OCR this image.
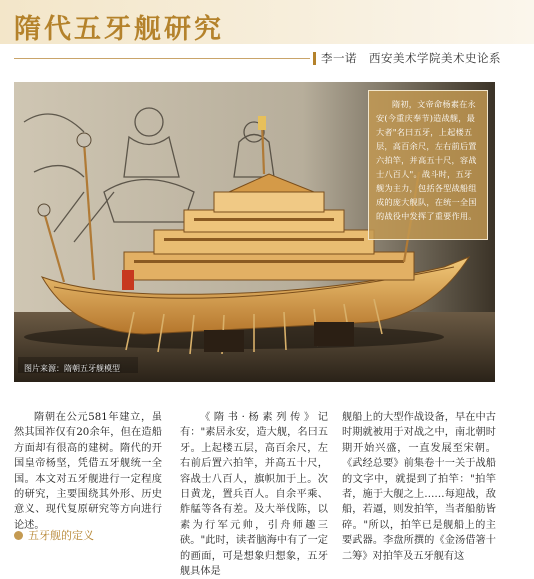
隋代五牙舰研究
李一诺 西安美术学院美术史论系
隋初，文帝命杨素在永安(今重庆奉节)造战舰，最大者"名曰五牙，上起楼五层，高百余尺，左右前后置六拍竿，并高五十尺，容战士八百人"。战斗时，五牙舰为主力，包括各型战船组成的庞大舰队，在统一全国的战役中发挥了重要作用。
图片来源：隋朝五牙舰模型

隋朝在公元581年建立，虽然其国祚仅有20余年，但在造船方面却有很高的建树。隋代的开国皇帝杨坚，凭借五牙舰统一全国。本文对五牙舰进行一定程度的研究，主要围绕其外形、历史意义、现代复原研究等方向进行论述。

《隋书·杨素列传》记有："素居永安，造大舰，名曰五牙。上起楼五层，高百余尺，左右前后置六拍竿，并高五十尺，容战士八百人，旗帜加于上。次日黄龙，置兵百人。自余平乘、舴艋等各有差。及大举伐陈，以素为行军元帅，引舟师趣三硖。"此时，读者脑海中有了一定的画面，可是想象归想象，五牙舰具体是

舰船上的大型作战设备，早在中古时期就被用于对战之中，南北朝时期开始兴盛，一直发展至宋朝。《武经总要》前集卷十一关于战船的文字中，就提到了拍竿："拍竿者，施于大舰之上……每迎战，敌船，若逼，则发拍竿，当者船舫皆碎。"所以，拍竿已是舰船上的主要武器。李盘所撰的《金汤借箸十二筹》对拍竿及五牙舰有这

五牙舰的定义
